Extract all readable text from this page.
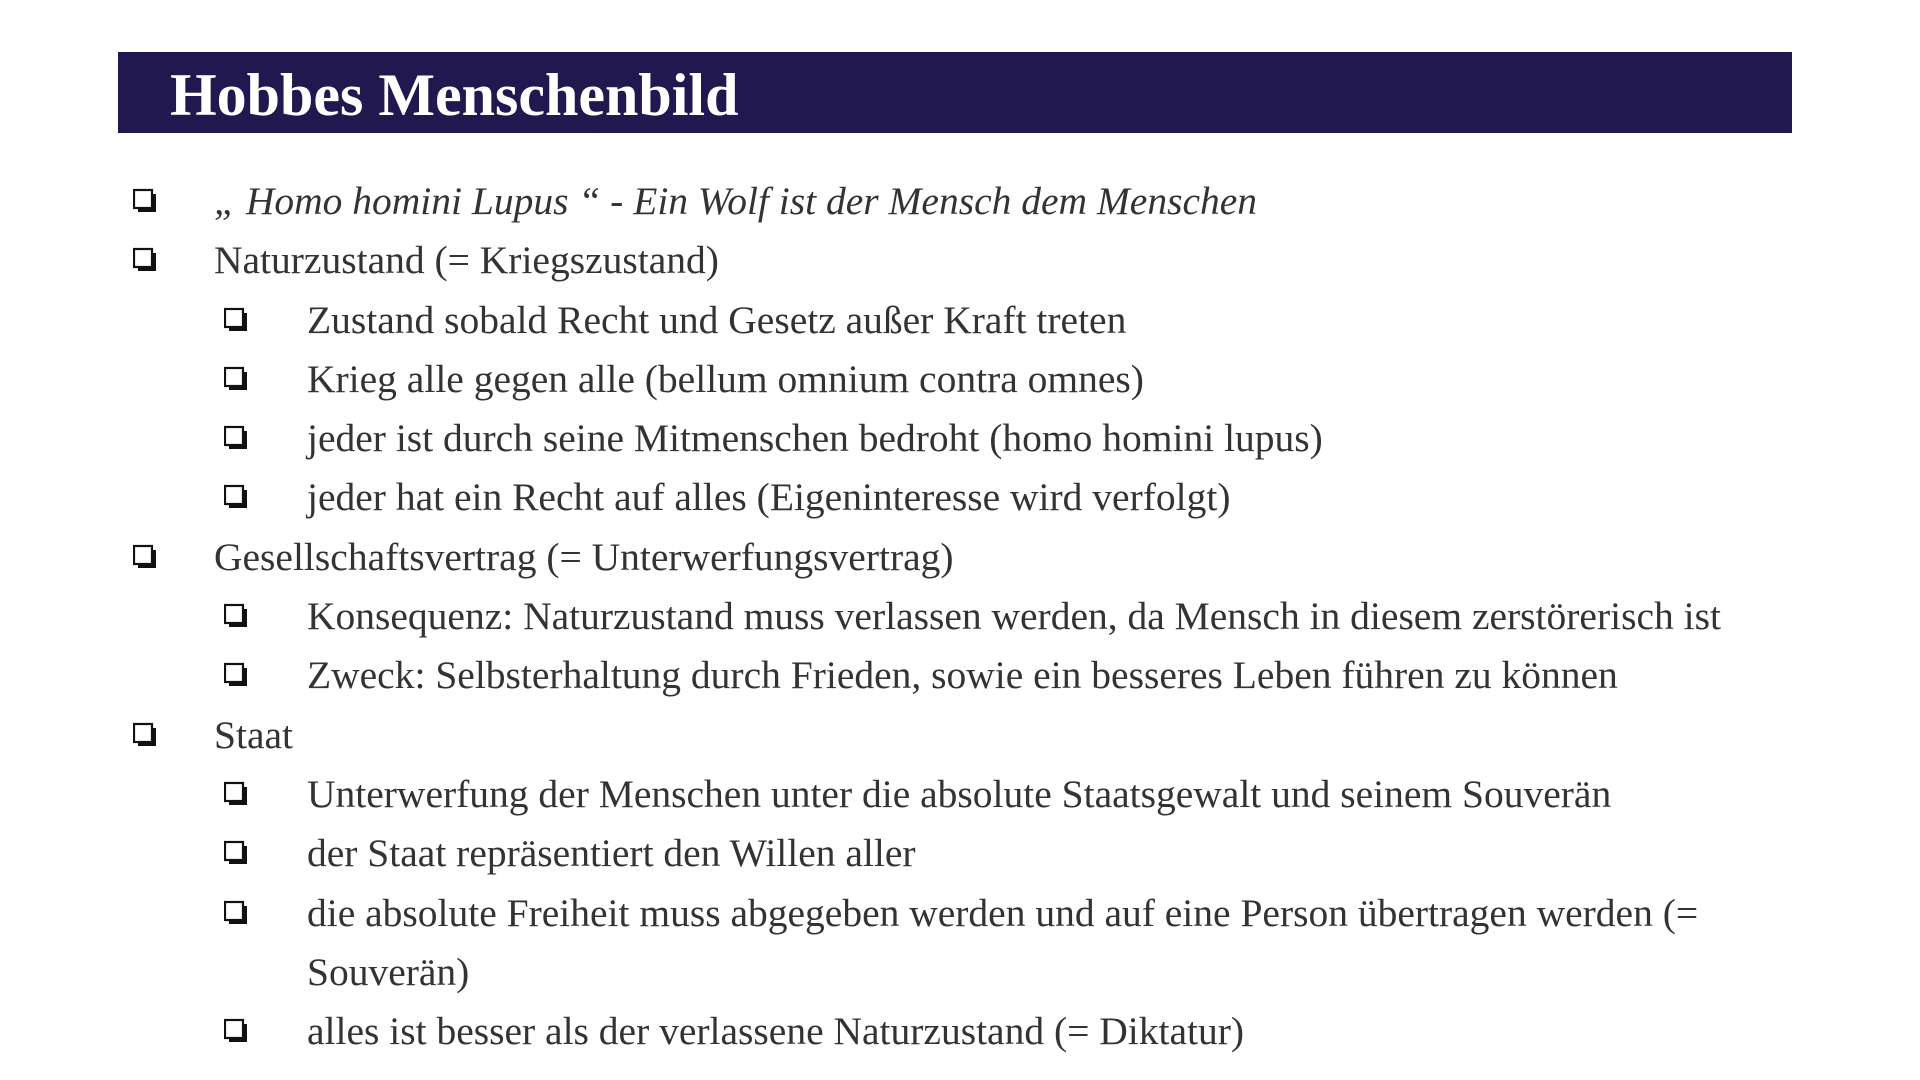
Hobbes Menschenbild
„ Homo homini Lupus “ - Ein Wolf ist der Mensch dem Menschen
Naturzustand (= Kriegszustand)
Zustand sobald Recht und Gesetz außer Kraft treten
Krieg alle gegen alle (bellum omnium contra omnes)
jeder ist durch seine Mitmenschen bedroht (homo homini lupus)
jeder hat ein Recht auf alles (Eigeninteresse wird verfolgt)
Gesellschaftsvertrag (= Unterwerfungsvertrag)
Konsequenz: Naturzustand muss verlassen werden, da Mensch in diesem zerstörerisch ist
Zweck: Selbsterhaltung durch Frieden, sowie ein besseres Leben führen zu können
Staat
Unterwerfung der Menschen unter die absolute Staatsgewalt und seinem Souverän
der Staat repräsentiert den Willen aller
die absolute Freiheit muss abgegeben werden und auf eine Person übertragen werden (= Souverän)
alles ist besser als der verlassene Naturzustand (= Diktatur)
